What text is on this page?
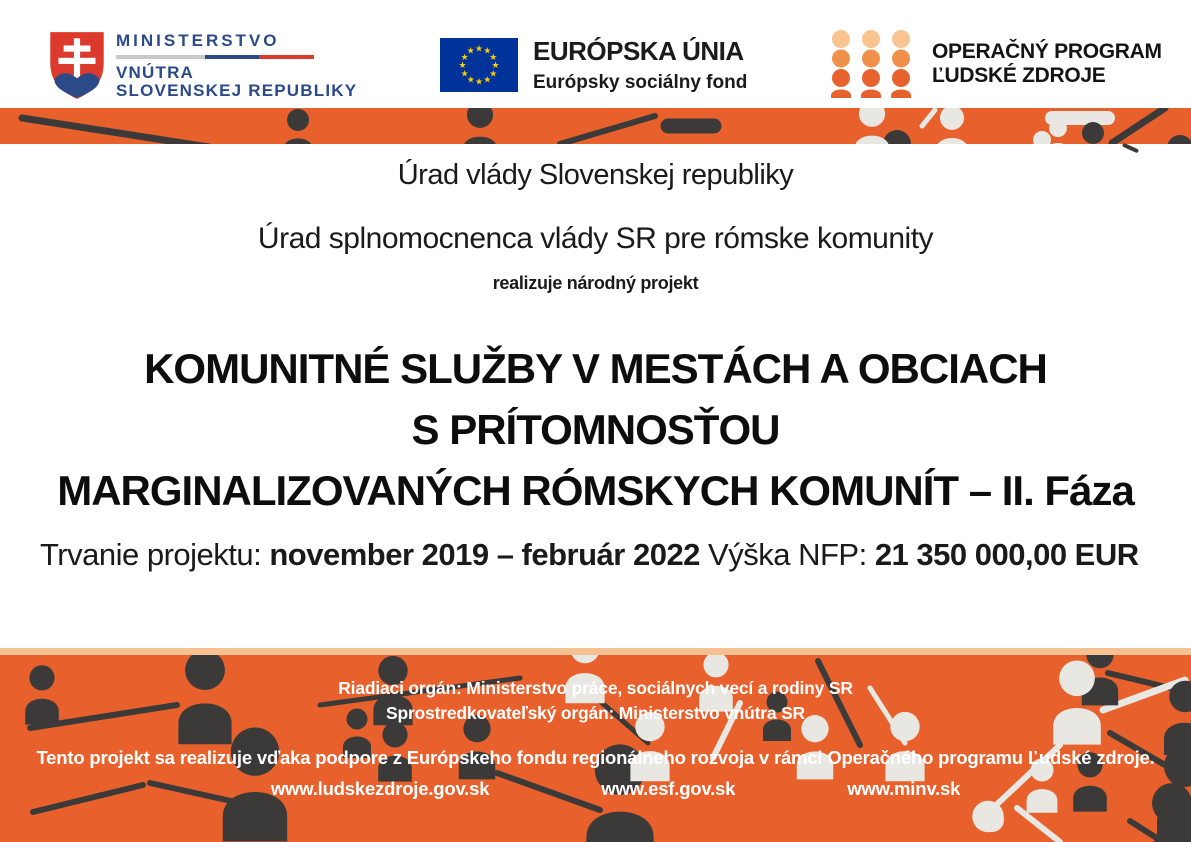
MINISTERSTVO
VNÚTRA
SLOVENSKEJ REPUBLIKY
★ ★
★
★
★
★
★
★
★
★
★
★ EURÓPSKA ÚNIA
Európsky sociálny fond
OPERAČNÝ PROGRAM
ĽUDSKÉ ZDROJE

Úrad vlády Slovenskej republiky

Úrad splnomocnenca vlády SR pre rómske komunity

realizuje národný projekt

KOMUNITNÉ SLUŽBY V MESTÁCH A OBCIACH
S PRÍTOMNOSŤOU
MARGINALIZOVANÝCH RÓMSKYCH KOMUNÍT – II. Fáza

Trvanie projektu: november 2019 – február 2022 Výška NFP: 21 350 000,00 EUR

Riadiaci orgán: Ministerstvo práce, sociálnych vecí a rodiny SR

Sprostredkovateľský orgán: Ministerstvo vnútra SR

Tento projekt sa realizuje vďaka podpore z Európskeho fondu regionálneho rozvoja v rámci Operačného programu Ľudské zdroje.

www.ludskezdroje.gov.sk	www.esf.gov.sk	www.minv.sk
